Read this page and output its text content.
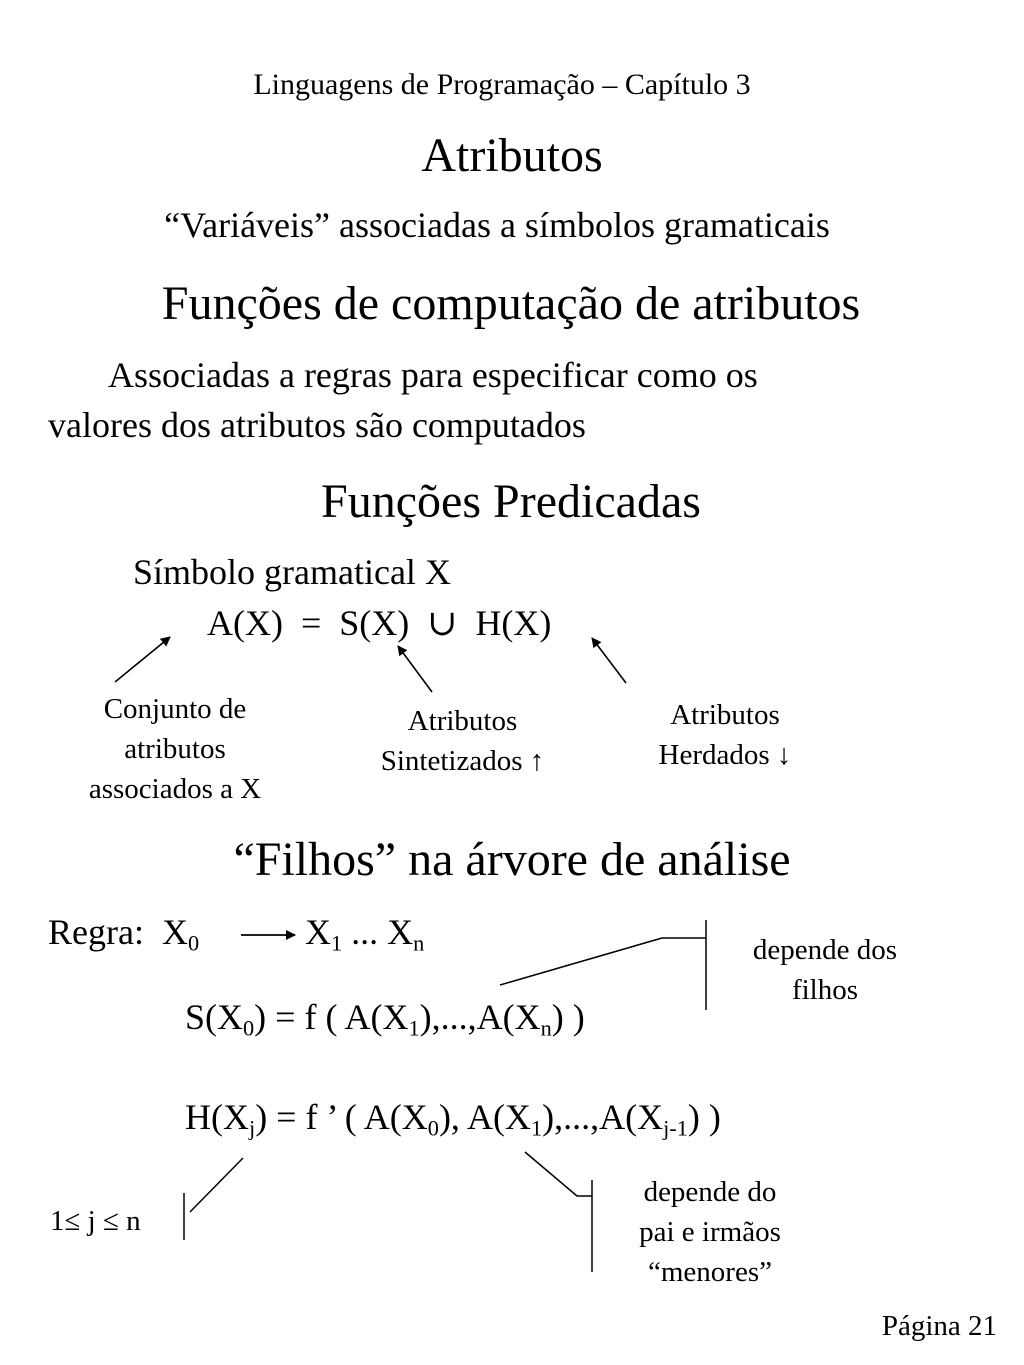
Linguagens de Programação – Capítulo 3
Atributos
“Variáveis” associadas a símbolos gramaticais
Funções de computação de atributos
Associadas a regras para especificar como os
valores dos atributos são computados
Funções Predicadas
Símbolo gramatical X
A(X)  =  S(X)  ∪  H(X)
Conjunto de
atributos
associados a X
Atributos
Sintetizados ↑
Atributos
Herdados ↓
“Filhos” na árvore de análise
Regra:  $X_0$	$X_1$ ... $X_n$
$S(X_0) = f$ ( $A(X_1),...,A(X_n)$ )
$H(X_j) = f$ ’ ( $A(X_0)$, $A(X_1),...,A(X_{j-1})$ )
depende dos
filhos
1≤ j ≤ n
depende do
pai e irmãos
“menores”
Página 21
